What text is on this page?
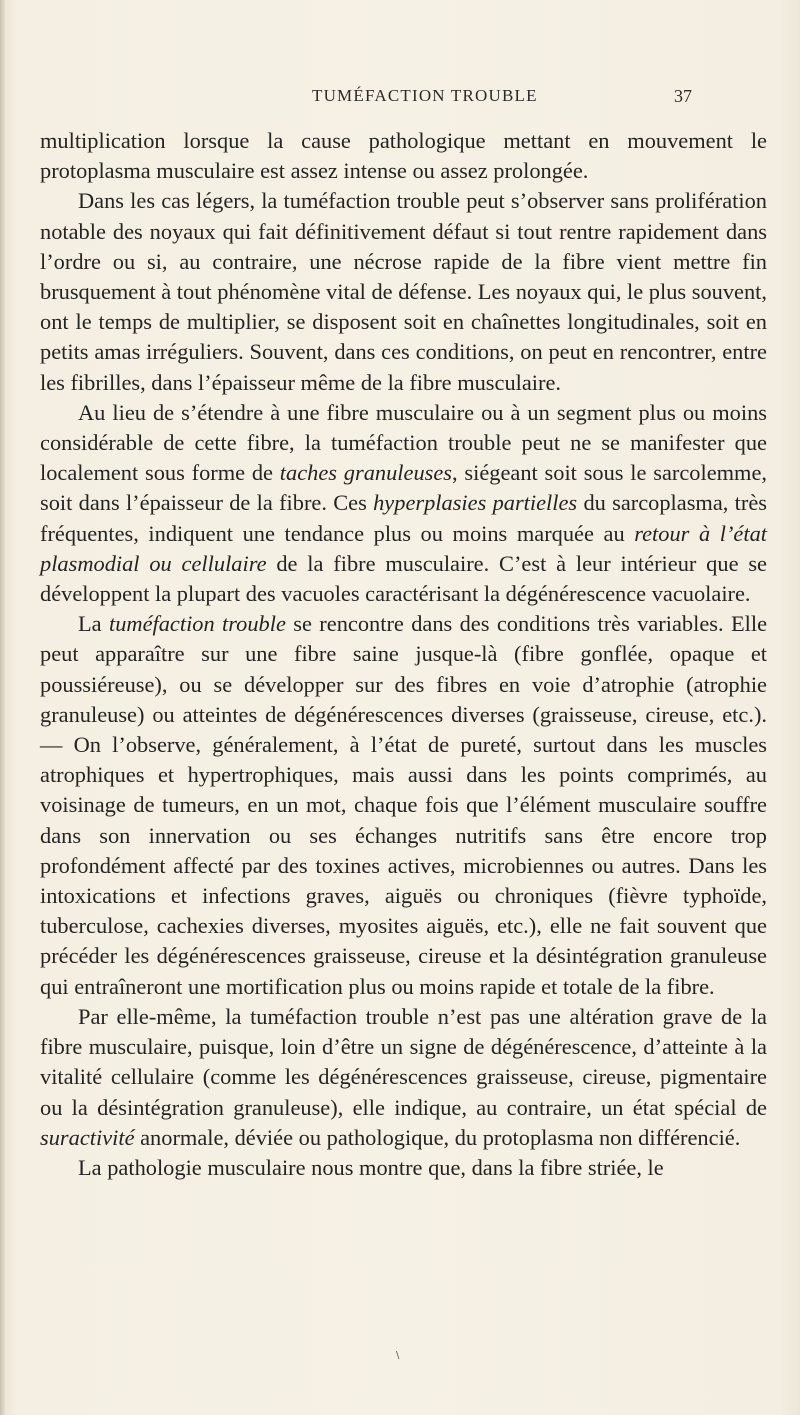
TUMÉFACTION TROUBLE	37

multiplication lorsque la cause pathologique mettant en mouvement le protoplasma musculaire est assez intense ou assez prolongée.

Dans les cas légers, la tuméfaction trouble peut s’observer sans prolifération notable des noyaux qui fait définitivement défaut si tout rentre rapidement dans l’ordre ou si, au contraire, une nécrose rapide de la fibre vient mettre fin brusquement à tout phénomène vital de défense. Les noyaux qui, le plus souvent, ont le temps de multiplier, se disposent soit en chaînettes longitudinales, soit en petits amas irréguliers. Souvent, dans ces conditions, on peut en rencontrer, entre les fibrilles, dans l’épaisseur même de la fibre musculaire.

Au lieu de s’étendre à une fibre musculaire ou à un segment plus ou moins considérable de cette fibre, la tuméfaction trouble peut ne se manifester que localement sous forme de taches granuleuses, siégeant soit sous le sarcolemme, soit dans l’épaisseur de la fibre. Ces hyperplasies partielles du sarcoplasma, très fréquentes, indiquent une tendance plus ou moins marquée au retour à l’état plasmodial ou cellulaire de la fibre musculaire. C’est à leur intérieur que se développent la plupart des vacuoles caractérisant la dégénérescence vacuolaire.

La tuméfaction trouble se rencontre dans des conditions très variables. Elle peut apparaître sur une fibre saine jusque-là (fibre gonflée, opaque et poussiéreuse), ou se développer sur des fibres en voie d’atrophie (atrophie granuleuse) ou atteintes de dégénérescences diverses (graisseuse, cireuse, etc.). — On l’observe, généralement, à l’état de pureté, surtout dans les muscles atrophiques et hypertrophiques, mais aussi dans les points comprimés, au voisinage de tumeurs, en un mot, chaque fois que l’élément musculaire souffre dans son innervation ou ses échanges nutritifs sans être encore trop profondément affecté par des toxines actives, microbiennes ou autres. Dans les intoxications et infections graves, aiguës ou chroniques (fièvre typhoïde, tuberculose, cachexies diverses, myosites aiguës, etc.), elle ne fait souvent que précéder les dégénérescences graisseuse, cireuse et la désintégration granuleuse qui entraîneront une mortification plus ou moins rapide et totale de la fibre.

Par elle-même, la tuméfaction trouble n’est pas une altération grave de la fibre musculaire, puisque, loin d’être un signe de dégénérescence, d’atteinte à la vitalité cellulaire (comme les dégénérescences graisseuse, cireuse, pigmentaire ou la désintégration granuleuse), elle indique, au contraire, un état spécial de suractivité anormale, déviée ou pathologique, du protoplasma non différencié.

La pathologie musculaire nous montre que, dans la fibre striée, le

\
